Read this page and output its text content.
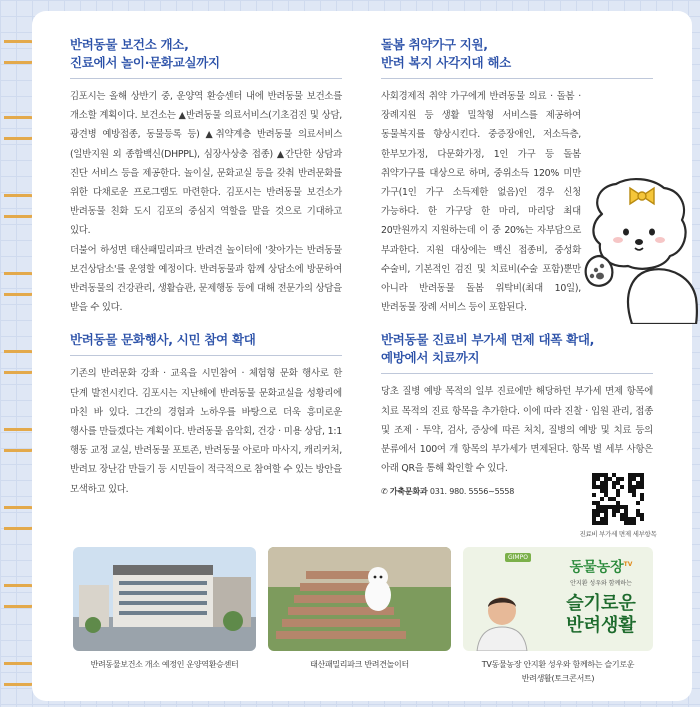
반려동물 보건소 개소,
진료에서 놀이·문화교실까지

김포시는 올해 상반기 중, 운양역 환승센터 내에 반려동물 보건소를 개소할 계획이다. 보건소는 ▲반려동물 의료서비스(기초검진 및 상담, 광견병 예방접종, 동물등록 등) ▲취약계층 반려동물 의료서비스(일반지원 외 종합백신(DHPPL), 심장사상충 접종) ▲간단한 상담과 진단 서비스 등을 제공한다. 놀이실, 문화교실 등을 갖춰 반려문화를 위한 다채로운 프로그램도 마련한다. 김포시는 반려동물 보건소가 반려동물 친화 도시 김포의 중심지 역할을 맡을 것으로 기대하고 있다.

더불어 하성면 태산패밀리파크 반려견 놀이터에 '찾아가는 반려동물 보건상담소'를 운영할 예정이다. 반려동물과 함께 상담소에 방문하여 반려동물의 건강관리, 생활습관, 문제행동 등에 대해 전문가의 상담을 받을 수 있다.

반려동물 문화행사, 시민 참여 확대

기존의 반려문화 강좌 · 교육을 시민참여 · 체험형 문화 행사로 한 단계 발전시킨다. 김포시는 지난해에 반려동물 문화교실을 성황리에 마친 바 있다. 그간의 경험과 노하우를 바탕으로 더욱 흥미로운 행사를 만들겠다는 계획이다. 반려동물 음악회, 건강 · 미용 상담, 1:1 행동 교정 교실, 반려동물 포토존, 반려동물 아로마 마사지, 캐리커처, 반려묘 장난감 만들기 등 시민들이 적극적으로 참여할 수 있는 방안을 모색하고 있다.

돌봄 취약가구 지원,
반려 복지 사각지대 해소

사회경제적 취약 가구에게 반려동물 의료 · 돌봄 · 장례지원 등 생활 밀착형 서비스를 제공하여 동물복지를 향상시킨다. 중증장애인, 저소득층, 한부모가정, 다문화가정, 1인 가구 등 돌봄 취약가구를 대상으로 하며, 중위소득 120% 미만 가구(1인 가구 소득제한 없음)인 경우 신청 가능하다. 한 가구당 한 마리, 마리당 최대 20만원까지 지원하는데 이 중 20%는 자부담으로 부과한다. 지원 대상에는 백신 접종비, 중성화 수술비, 기본적인 검진 및 치료비(수술 포함)뿐만 아니라 반려동물 돌봄 위탁비(최대 10일), 반려동물 장례 서비스 등이 포함된다.

반려동물 진료비 부가세 면제 대폭 확대,
예방에서 치료까지

당초 질병 예방 목적의 일부 진료에만 해당하던 부가세 면제 항목에 치료 목적의 진료 항목을 추가한다. 이에 따라 진찰 · 입원 관리, 접종 및 조제 · 투약, 검사, 증상에 따른 처치, 질병의 예방 및 치료 등의 분류에서 100여 개 항목의 부가세가 면제된다. 항목 별 세부 사항은 아래 QR을 통해 확인할 수 있다.

✆ 가축문화과 031. 980. 5556~5558
진료비 부가세 면제 세부항목
GIMPO
동물농장$^{TV}$
안지환 성우와 함께하는
슬기로운
반려생활
반려동물보건소 개소 예정인 운양역환승센터	태산패밀리파크 반려견놀이터	TV동물농장 안지환 성우와 함께하는 슬기로운
반려생활(토크콘서트)
